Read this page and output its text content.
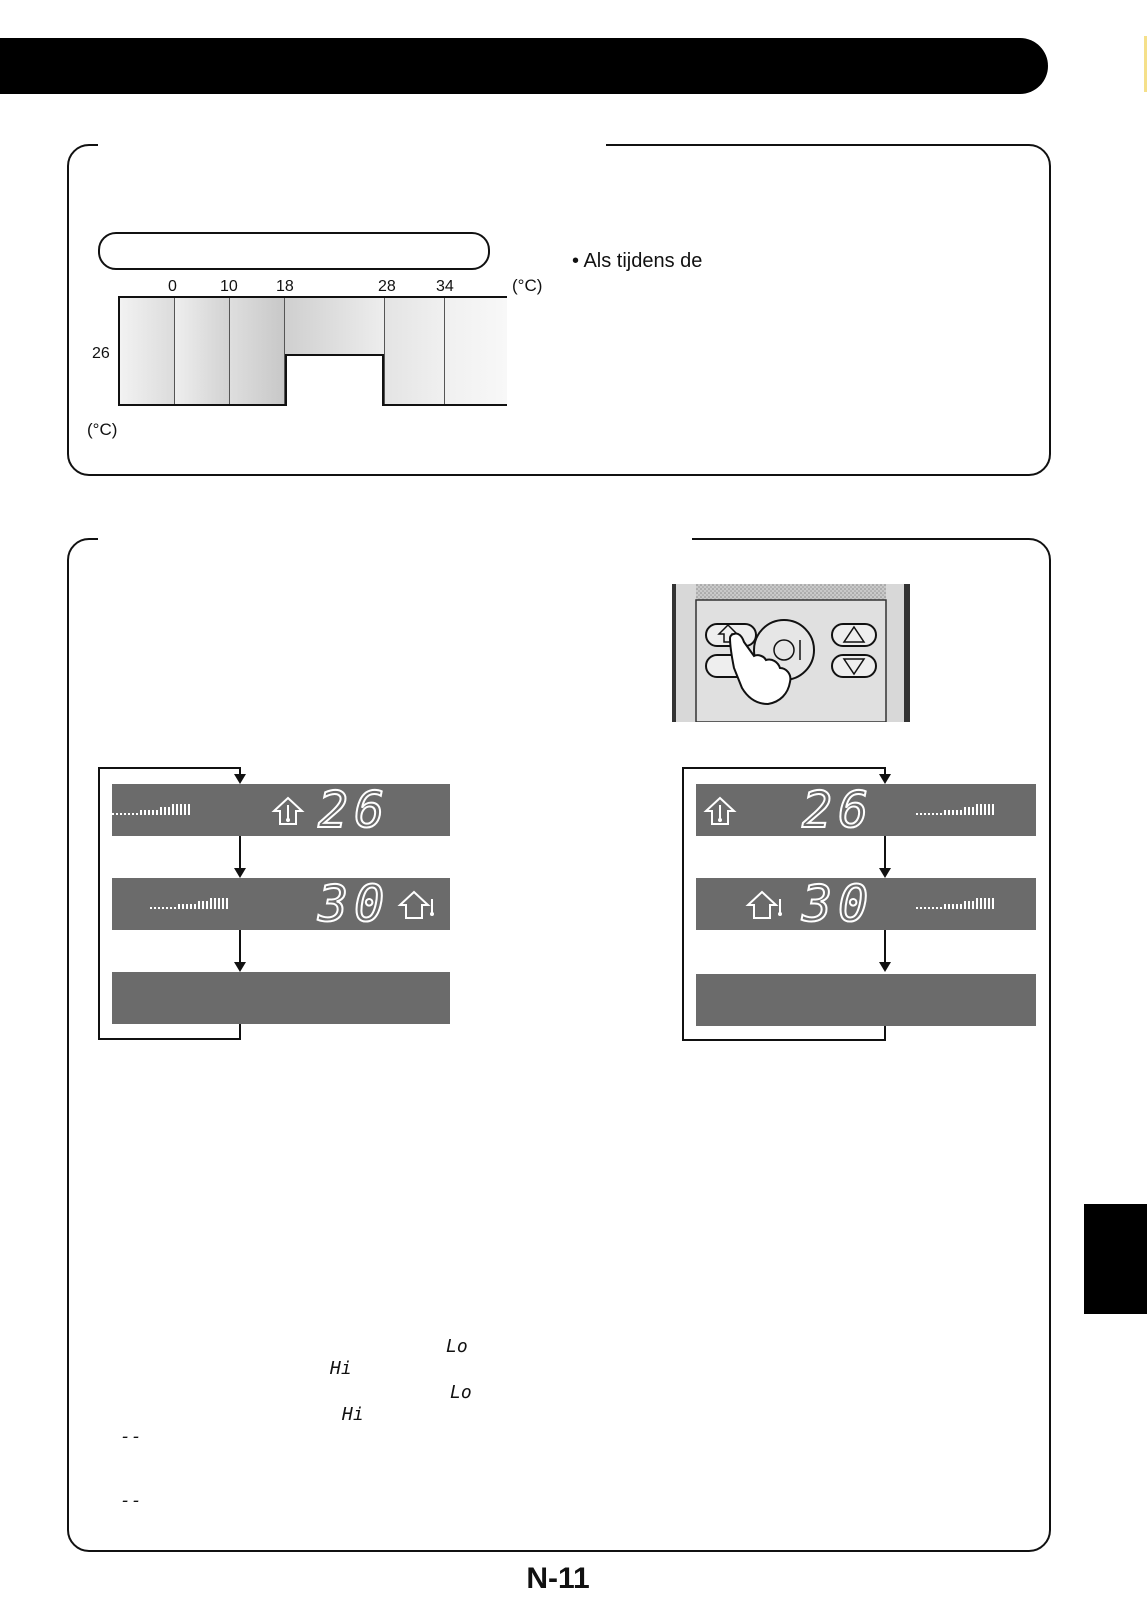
0	10 18	28	34	(°C)
26
(°C)
• Als tijdens de
26
30
26
30
Lo
Hi
Lo
Hi
--
--
N-11
